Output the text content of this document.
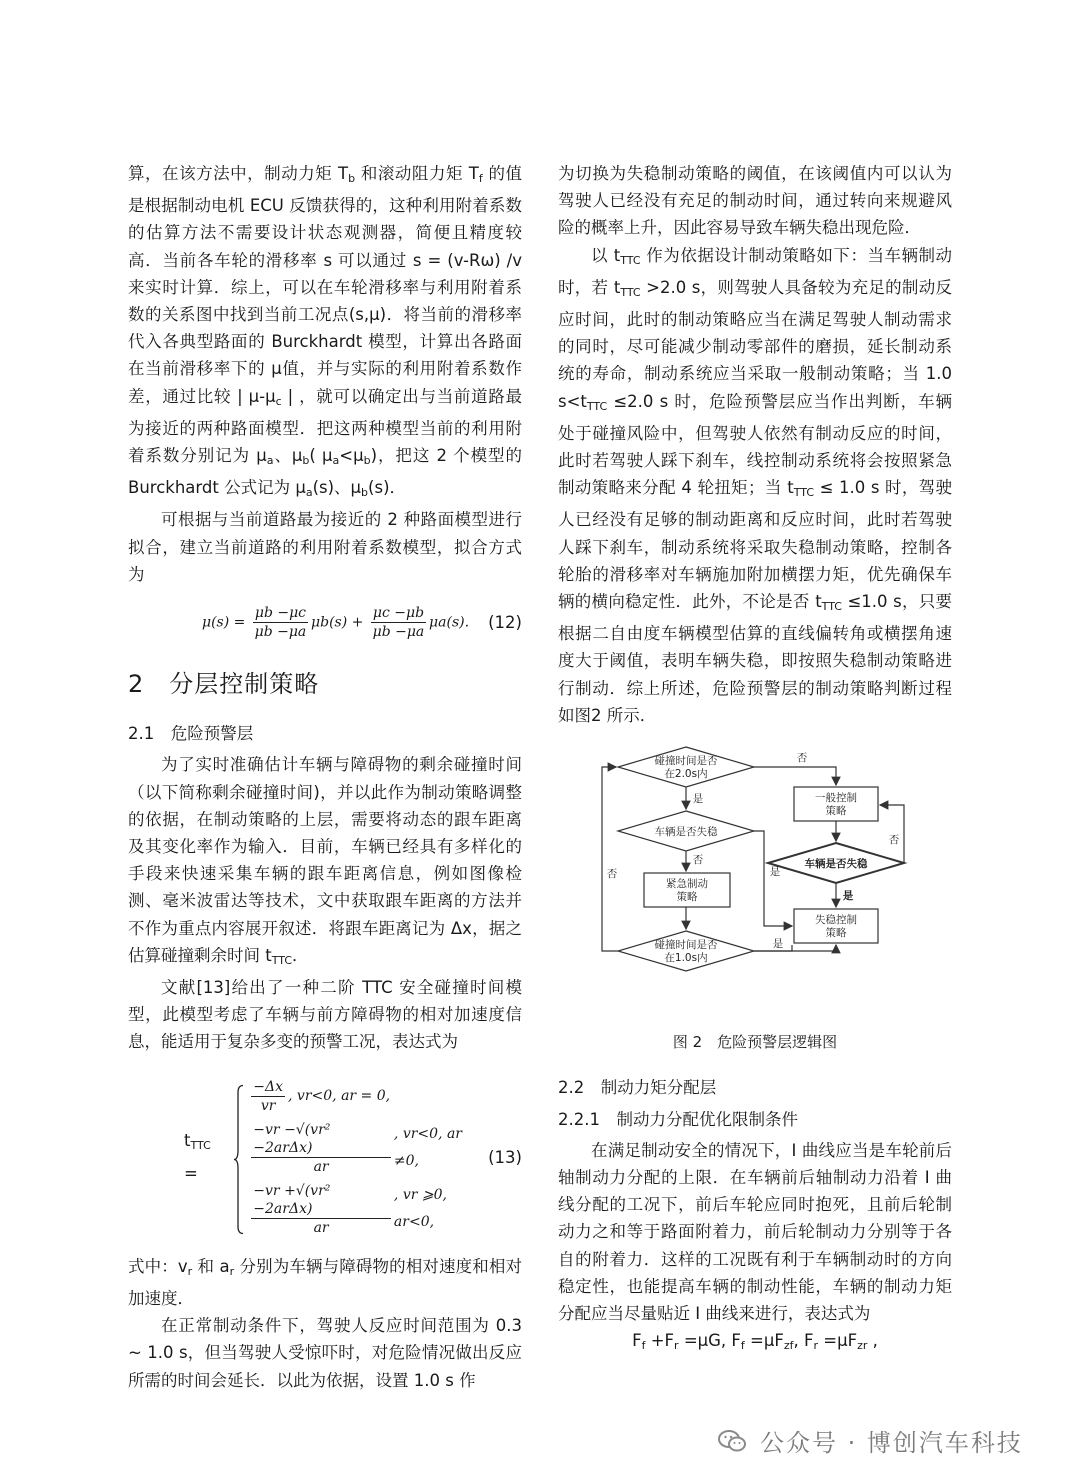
算，在该方法中，制动力矩 $T_b$ 和滚动阻力矩 $T_f$ 的值是根据制动电机 ECU 反馈获得的，这种利用附着系数的估算方法不需要设计状态观测器，简便且精度较高．当前各车轮的滑移率 s 可以通过 s = (v-Rω) /v 来实时计算．综上，可以在车轮滑移率与利用附着系数的关系图中找到当前工况点(s,μ)．将当前的滑移率代入各典型路面的 Burckhardt 模型，计算出各路面在当前滑移率下的 μ值，并与实际的利用附着系数作差，通过比较 | $\mu-\mu_c$ | ，就可以确定出与当前道路最为接近的两种路面模型．把这两种模型当前的利用附着系数分别记为 $\mu_a$、$\mu_b$( $\mu_a<\mu_b$)，把这 2 个模型的 Burckhardt 公式记为 $\mu_a(s)$、$\mu_b(s)$．

可根据与当前道路最为接近的 2 种路面模型进行拟合，建立当前道路的利用附着系数模型，拟合方式为

$\mu(s) = \frac{\mu b -\mu c}{\mu b -\mu a} \mu b(s) + \frac{\mu c -\mu b}{\mu b -\mu a} \mu a(s)$. (12)
2　分层控制策略
2.1　危险预警层

为了实时准确估计车辆与障碍物的剩余碰撞时间（以下简称剩余碰撞时间)，并以此作为制动策略调整的依据，在制动策略的上层，需要将动态的跟车距离及其变化率作为输入．目前，车辆已经具有多样化的手段来快速采集车辆的跟车距离信息，例如图像检测、毫米波雷达等技术，文中获取跟车距离的方法并不作为重点内容展开叙述．将跟车距离记为 Δx，据之估算碰撞剩余时间 $t_{TTC}$．

文献[13]给出了一种二阶 TTC 安全碰撞时间模型，此模型考虑了车辆与前方障碍物的相对加速度信息，能适用于复杂多变的预警工况，表达式为

$t_{TTC}$ =
$\frac{-\Delta x}{vr}$ , vr<0, ar = 0,
$\frac{\text{−vr −√(vr² −2arΔx)}}{ar}$ , vr<0, ar ≠0,
$\frac{\text{−vr +√(vr² −2arΔx)}}{ar}$ , vr ⩾0, ar<0,
(13)

式中：$v_r$ 和 $a_r$ 分别为车辆与障碍物的相对速度和相对加速度．

在正常制动条件下，驾驶人反应时间范围为 0.3 ~ 1.0 s，但当驾驶人受惊吓时，对危险情况做出反应所需的时间会延长．以此为依据，设置 1.0 s 作

为切换为失稳制动策略的阈值，在该阈值内可以认为驾驶人已经没有充足的制动时间，通过转向来规避风险的概率上升，因此容易导致车辆失稳出现危险．

以 $t_{TTC}$ 作为依据设计制动策略如下：当车辆制动时，若 $t_{TTC} >2.0$ s，则驾驶人具备较为充足的制动反应时间，此时的制动策略应当在满足驾驶人制动需求的同时，尽可能减少制动零部件的磨损，延长制动系统的寿命，制动系统应当采取一般制动策略；当 1.0 $s<t_{TTC} \le 2.0$ s 时，危险预警层应当作出判断，车辆处于碰撞风险中，但驾驶人依然有制动反应的时间，此时若驾驶人踩下刹车，线控制动系统将会按照紧急制动策略来分配 4 轮扭矩；当 $t_{TTC} \le 1.0$ s 时，驾驶人已经没有足够的制动距离和反应时间，此时若驾驶人踩下刹车，制动系统将采取失稳制动策略，控制各轮胎的滑移率对车辆施加附加横摆力矩，优先确保车辆的横向稳定性．此外，不论是否 $t_{TTC} \le 1.0$ s，只要根据二自由度车辆模型估算的直线偏转角或横摆角速度大于阈值，表明车辆失稳，即按照失稳制动策略进行制动．综上所述，危险预警层的制动策略判断过程如图2 所示．

碰撞时间是否
在2.0s内
车辆是否失稳
紧急制动
策略
碰撞时间是否
在1.0s内
一般控制
策略
车辆是否失稳
失稳控制
策略
是
否
否
是
是
否
是
否
图 2　危险预警层逻辑图
2.2　制动力矩分配层
2.2.1　制动力分配优化限制条件

在满足制动安全的情况下，I 曲线应当是车轮前后轴制动力分配的上限．在车辆前后轴制动力沿着 I 曲线分配的工况下，前后车轮应同时抱死，且前后轮制动力之和等于路面附着力，前后轮制动力分别等于各自的附着力．这样的工况既有利于车辆制动时的方向稳定性，也能提高车辆的制动性能，车辆的制动力矩分配应当尽量贴近 I 曲线来进行，表达式为

$F_f +F_r =\mu G$, $F_f =\mu F_{zf}$, $F_r =\mu F_{zr}$ ,

公众号 · 博创汽车科技
